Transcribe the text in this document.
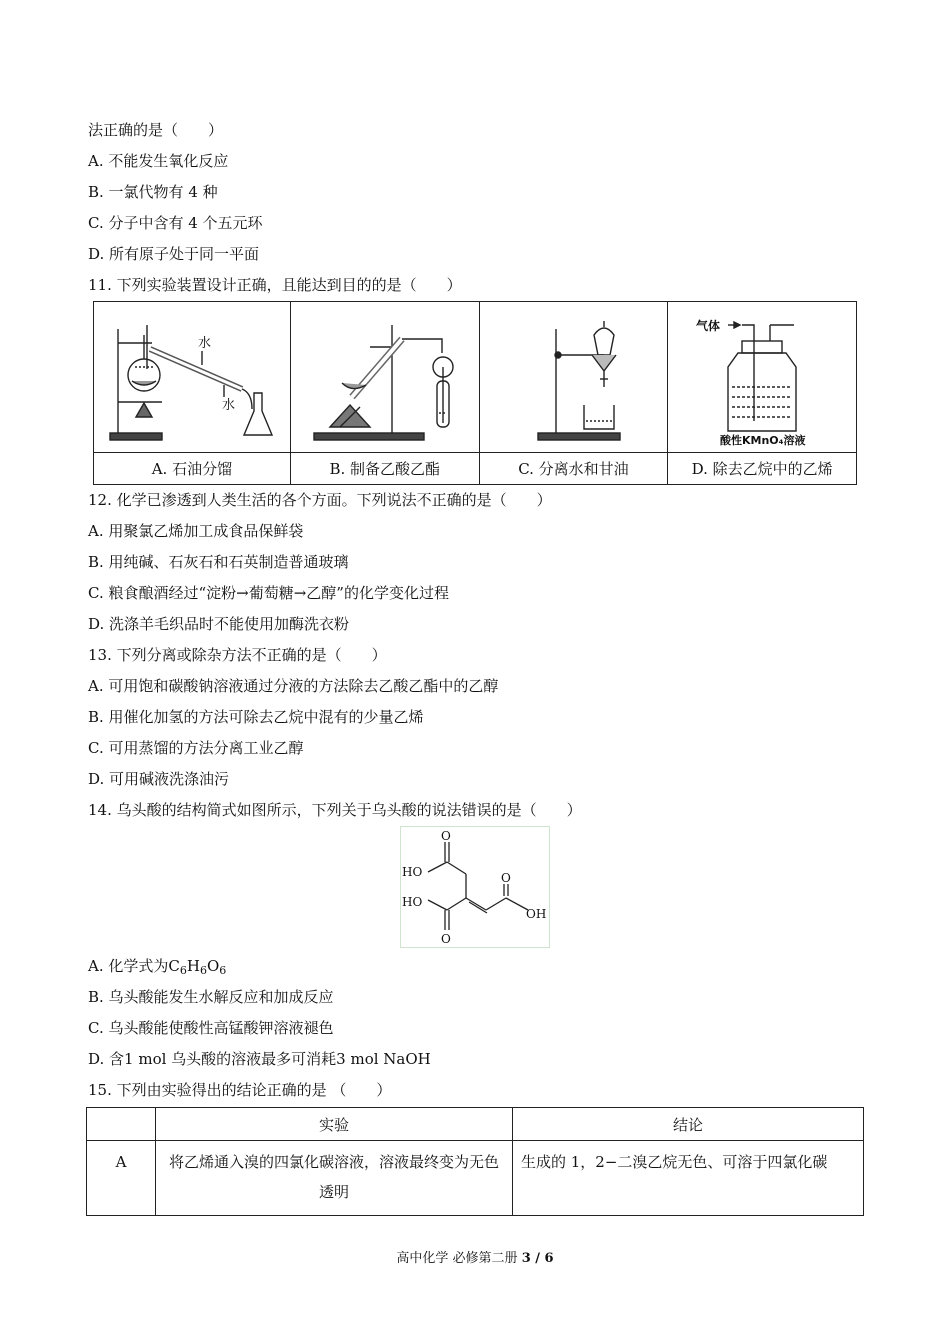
法正确的是（　　）
A. 不能发生氧化反应
B. 一氯代物有 4 种
C. 分子中含有 4 个五元环
D. 所有原子处于同一平面
11. 下列实验装置设计正确，且能达到目的的是（　　）
水
水			气体
酸性KMnO₄溶液

A. 石油分馏	B. 制备乙酸乙酯	C. 分离水和甘油	D. 除去乙烷中的乙烯
12. 化学已渗透到人类生活的各个方面。下列说法不正确的是（　　）
A. 用聚氯乙烯加工成食品保鲜袋
B. 用纯碱、石灰石和石英制造普通玻璃
C. 粮食酿酒经过“淀粉→葡萄糖→乙醇”的化学变化过程
D. 洗涤羊毛织品时不能使用加酶洗衣粉
13. 下列分离或除杂方法不正确的是（　　）
A. 可用饱和碳酸钠溶液通过分液的方法除去乙酸乙酯中的乙醇
B. 用催化加氢的方法可除去乙烷中混有的少量乙烯
C. 可用蒸馏的方法分离工业乙醇
D. 可用碱液洗涤油污
14. 乌头酸的结构简式如图所示，下列关于乌头酸的说法错误的是（　　）
O
HO	O
HO
OH
O
A. 化学式为$C_6H_6O_6$
B. 乌头酸能发生水解反应和加成反应
C. 乌头酸能使酸性高锰酸钾溶液褪色
D. 含1 mol 乌头酸的溶液最多可消耗3 mol NaOH
15. 下列由实验得出的结论正确的是 （　　）
	实验	结论
A	将乙烯通入溴的四氯化碳溶液，溶液最终变为无色透明	生成的 1，2−二溴乙烷无色、可溶于四氯化碳
高中化学 必修第二册 3 / 6
